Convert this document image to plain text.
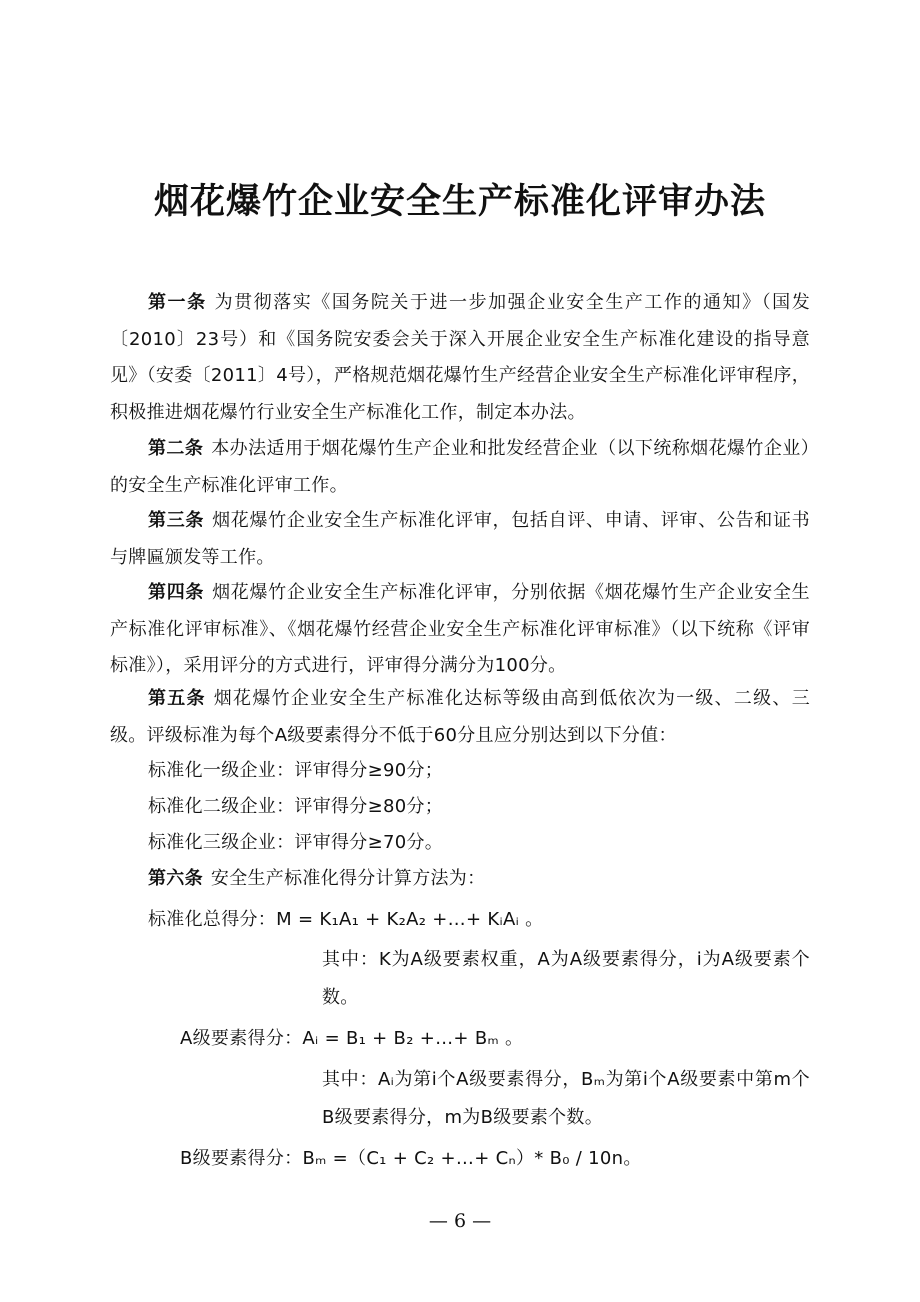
烟花爆竹企业安全生产标准化评审办法
第一条 为贯彻落实《国务院关于进一步加强企业安全生产工作的通知》（国发〔2010〕23号）和《国务院安委会关于深入开展企业安全生产标准化建设的指导意见》（安委〔2011〕4号），严格规范烟花爆竹生产经营企业安全生产标准化评审程序，积极推进烟花爆竹行业安全生产标准化工作，制定本办法。
第二条 本办法适用于烟花爆竹生产企业和批发经营企业（以下统称烟花爆竹企业）的安全生产标准化评审工作。
第三条 烟花爆竹企业安全生产标准化评审，包括自评、申请、评审、公告和证书与牌匾颁发等工作。
第四条 烟花爆竹企业安全生产标准化评审，分别依据《烟花爆竹生产企业安全生产标准化评审标准》、《烟花爆竹经营企业安全生产标准化评审标准》（以下统称《评审标准》），采用评分的方式进行，评审得分满分为100分。
第五条 烟花爆竹企业安全生产标准化达标等级由高到低依次为一级、二级、三级。评级标准为每个A级要素得分不低于60分且应分别达到以下分值：
标准化一级企业：评审得分≥90分；
标准化二级企业：评审得分≥80分；
标准化三级企业：评审得分≥70分。
第六条 安全生产标准化得分计算方法为：
标准化总得分：M = K₁A₁ + K₂A₂ +…+ KᵢAᵢ 。
其中：K为A级要素权重，A为A级要素得分，i为A级要素个数。
A级要素得分：Aᵢ = B₁ + B₂ +…+ Bₘ 。
其中：Aᵢ为第i个A级要素得分，Bₘ为第i个A级要素中第m个B级要素得分，m为B级要素个数。
B级要素得分：Bₘ =（C₁ + C₂ +…+ Cₙ）* B₀ / 10n。
— 6 —
